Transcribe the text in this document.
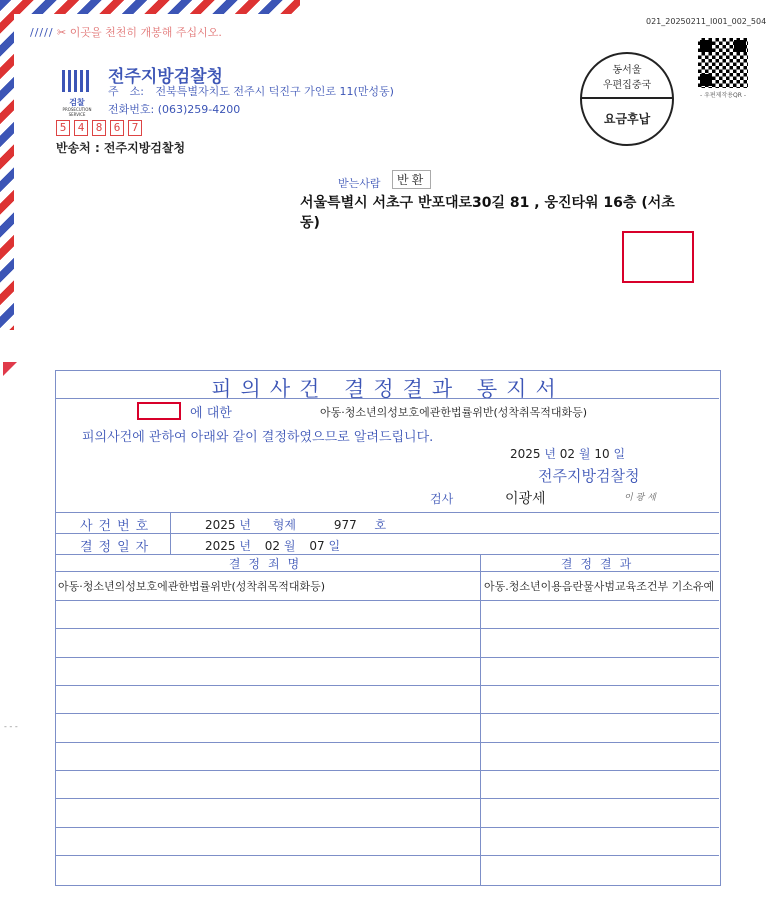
///// ✂ 이곳을 천천히 개봉해 주십시오.
021_20250211_I001_002_504
- 우편제작용QR -
검찰
PROSECUTION SERVICE
전주지방검찰청
주　소: 전북특별자치도 전주시 덕진구 가인로 11(만성동)
전화번호: (063)259-4200
5	4	8	6	7
반송처 : 전주지방검찰청
동서울
우편집중국
요금후납
받는사람	반환
서울특별시 서초구 반포대로30길 81 , 웅진타워 16층 (서초동)
피의사건 결정결과 통지서
에 대한	아동·청소년의성보호에관한법률위반(성착취목적대화등)
피의사건에 관하여 아래와 같이 결정하였으므로 알려드립니다.
2025 년 02 월 10 일
전주지방검찰청
검사	이광세	이 광 세
사건번호	2025 년 형제	977 호
결정일자	2025 년 02 월 07 일
결정죄명	결정결과
아동·청소년의성보호에관한법률위반(성착취목적대화등)	아동.청소년이용음란물사범교육조건부 기소유예
- - -
